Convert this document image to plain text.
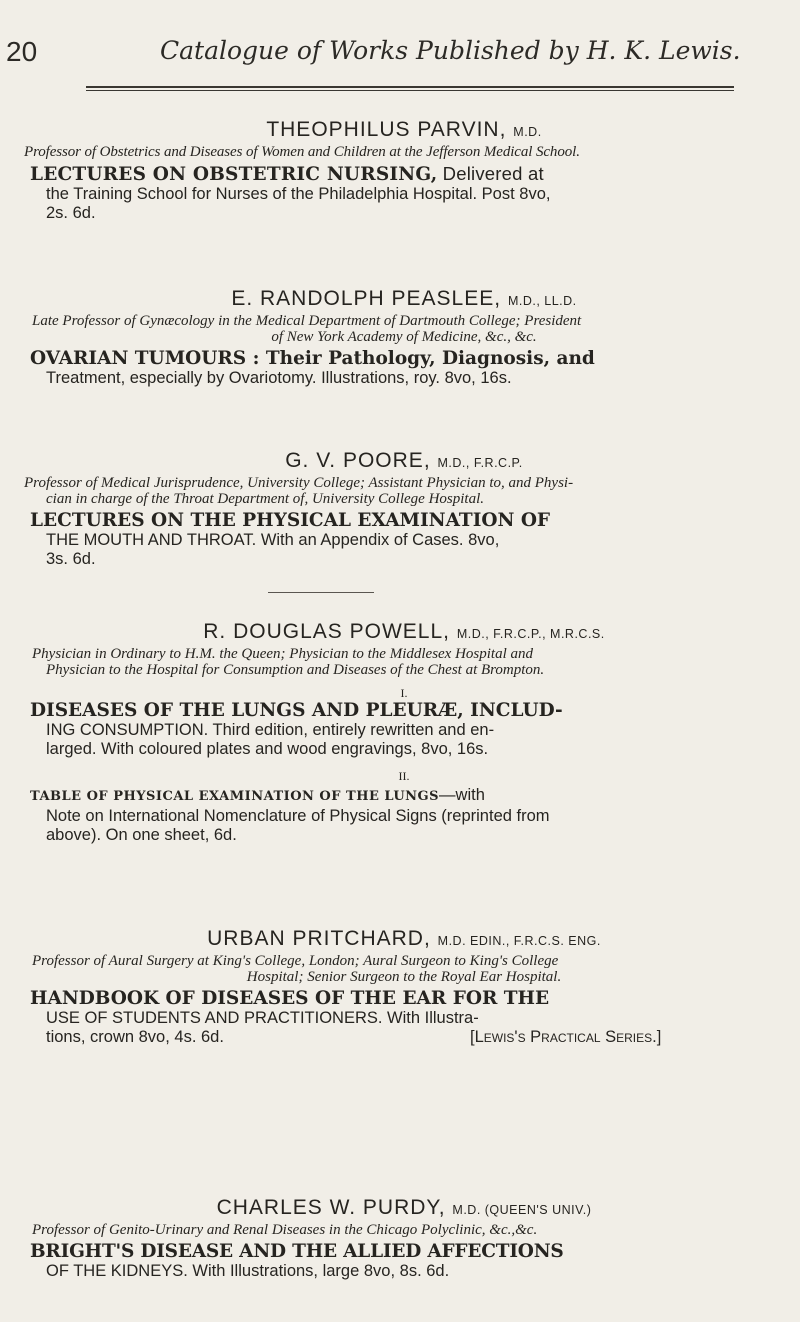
20	Catalogue of Works Published by H. K. Lewis.
THEOPHILUS PARVIN, M.D.
Professor of Obstetrics and Diseases of Women and Children at the Jefferson Medical School.
LECTURES ON OBSTETRIC NURSING, Delivered at
the Training School for Nurses of the Philadelphia Hospital. Post 8vo,
2s. 6d.
E. RANDOLPH PEASLEE, M.D., LL.D.
Late Professor of Gynæcology in the Medical Department of Dartmouth College; President
of New York Academy of Medicine, &c., &c.
OVARIAN TUMOURS : Their Pathology, Diagnosis, and
Treatment, especially by Ovariotomy. Illustrations, roy. 8vo, 16s.
G. V. POORE, M.D., F.R.C.P.
Professor of Medical Jurisprudence, University College; Assistant Physician to, and Physi-
cian in charge of the Throat Department of, University College Hospital.
LECTURES ON THE PHYSICAL EXAMINATION OF
THE MOUTH AND THROAT. With an Appendix of Cases. 8vo,
3s. 6d.
R. DOUGLAS POWELL, M.D., F.R.C.P., M.R.C.S.
Physician in Ordinary to H.M. the Queen; Physician to the Middlesex Hospital and
Physician to the Hospital for Consumption and Diseases of the Chest at Brompton.
I.
DISEASES OF THE LUNGS AND PLEURÆ, INCLUD-
ING CONSUMPTION. Third edition, entirely rewritten and en-
larged. With coloured plates and wood engravings, 8vo, 16s.
II.
TABLE OF PHYSICAL EXAMINATION OF THE LUNGS—with
Note on International Nomenclature of Physical Signs (reprinted from
above). On one sheet, 6d.
URBAN PRITCHARD, M.D. EDIN., F.R.C.S. ENG.
Professor of Aural Surgery at King's College, London; Aural Surgeon to King's College
Hospital; Senior Surgeon to the Royal Ear Hospital.
HANDBOOK OF DISEASES OF THE EAR FOR THE
USE OF STUDENTS AND PRACTITIONERS. With Illustra-
tions, crown 8vo, 4s. 6d.	[Lewis's Practical Series.]
CHARLES W. PURDY, M.D. (QUEEN'S UNIV.)
Professor of Genito-Urinary and Renal Diseases in the Chicago Polyclinic, &c.,&c.
BRIGHT'S DISEASE AND THE ALLIED AFFECTIONS
OF THE KIDNEYS. With Illustrations, large 8vo, 8s. 6d.
